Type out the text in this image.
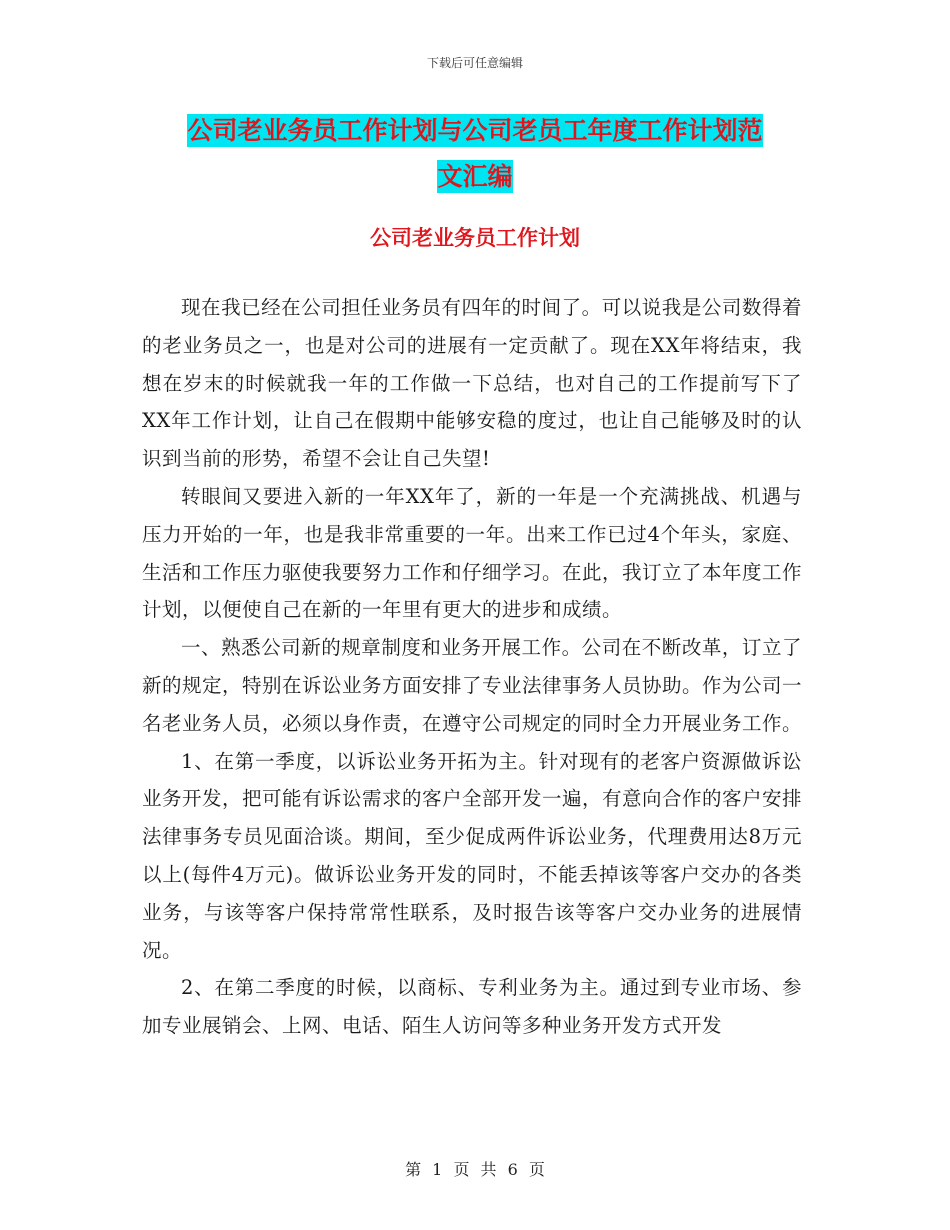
下载后可任意编辑
公司老业务员工作计划与公司老员工年度工作计划范
文汇编
公司老业务员工作计划

现在我已经在公司担任业务员有四年的时间了。可以说我是公司数得着的老业务员之一，也是对公司的进展有一定贡献了。现在XX年将结束，我想在岁末的时候就我一年的工作做一下总结，也对自己的工作提前写下了XX年工作计划，让自己在假期中能够安稳的度过，也让自己能够及时的认识到当前的形势，希望不会让自己失望!

转眼间又要进入新的一年XX年了，新的一年是一个充满挑战、机遇与压力开始的一年，也是我非常重要的一年。出来工作已过4个年头，家庭、生活和工作压力驱使我要努力工作和仔细学习。在此，我订立了本年度工作计划，以便使自己在新的一年里有更大的进步和成绩。

一、熟悉公司新的规章制度和业务开展工作。公司在不断改革，订立了新的规定，特别在诉讼业务方面安排了专业法律事务人员协助。作为公司一名老业务人员，必须以身作责，在遵守公司规定的同时全力开展业务工作。

1、在第一季度，以诉讼业务开拓为主。针对现有的老客户资源做诉讼业务开发，把可能有诉讼需求的客户全部开发一遍，有意向合作的客户安排法律事务专员见面洽谈。期间，至少促成两件诉讼业务，代理费用达8万元以上(每件4万元)。做诉讼业务开发的同时，不能丢掉该等客户交办的各类业务，与该等客户保持常常性联系，及时报告该等客户交办业务的进展情况。

2、在第二季度的时候，以商标、专利业务为主。通过到专业市场、参加专业展销会、上网、电话、陌生人访问等多种业务开发方式开发

第 1 页 共 6 页
